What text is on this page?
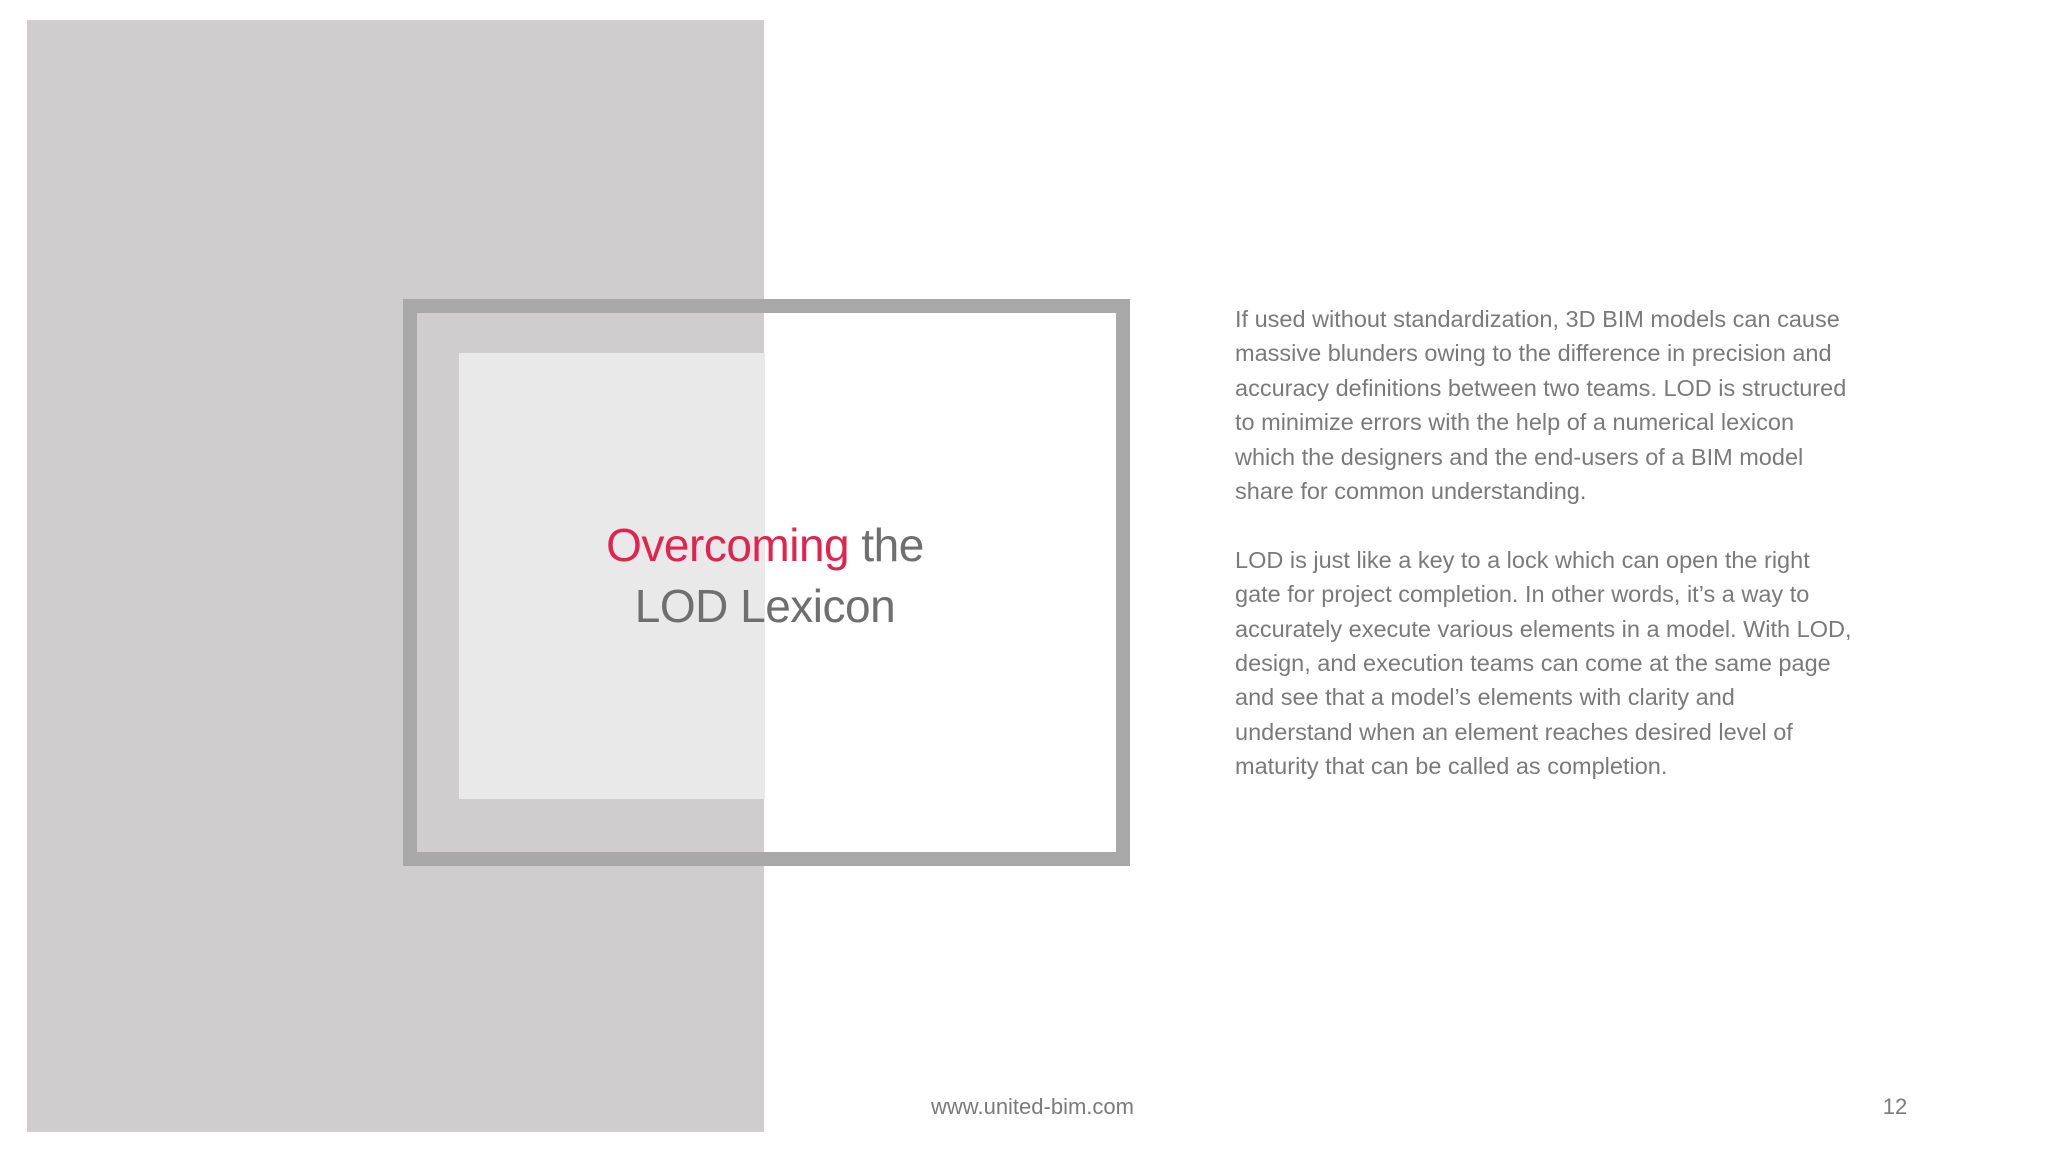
Overcoming the
LOD Lexicon

If used without standardization, 3D BIM models can cause massive blunders owing to the difference in precision and accuracy definitions between two teams. LOD is structured to minimize errors with the help of a numerical lexicon which the designers and the end-users of a BIM model share for common understanding.

LOD is just like a key to a lock which can open the right gate for project completion. In other words, it’s a way to accurately execute various elements in a model. With LOD, design, and execution teams can come at the same page and see that a model’s elements with clarity and understand when an element reaches desired level of maturity that can be called as completion.

www.united-bim.com	12
